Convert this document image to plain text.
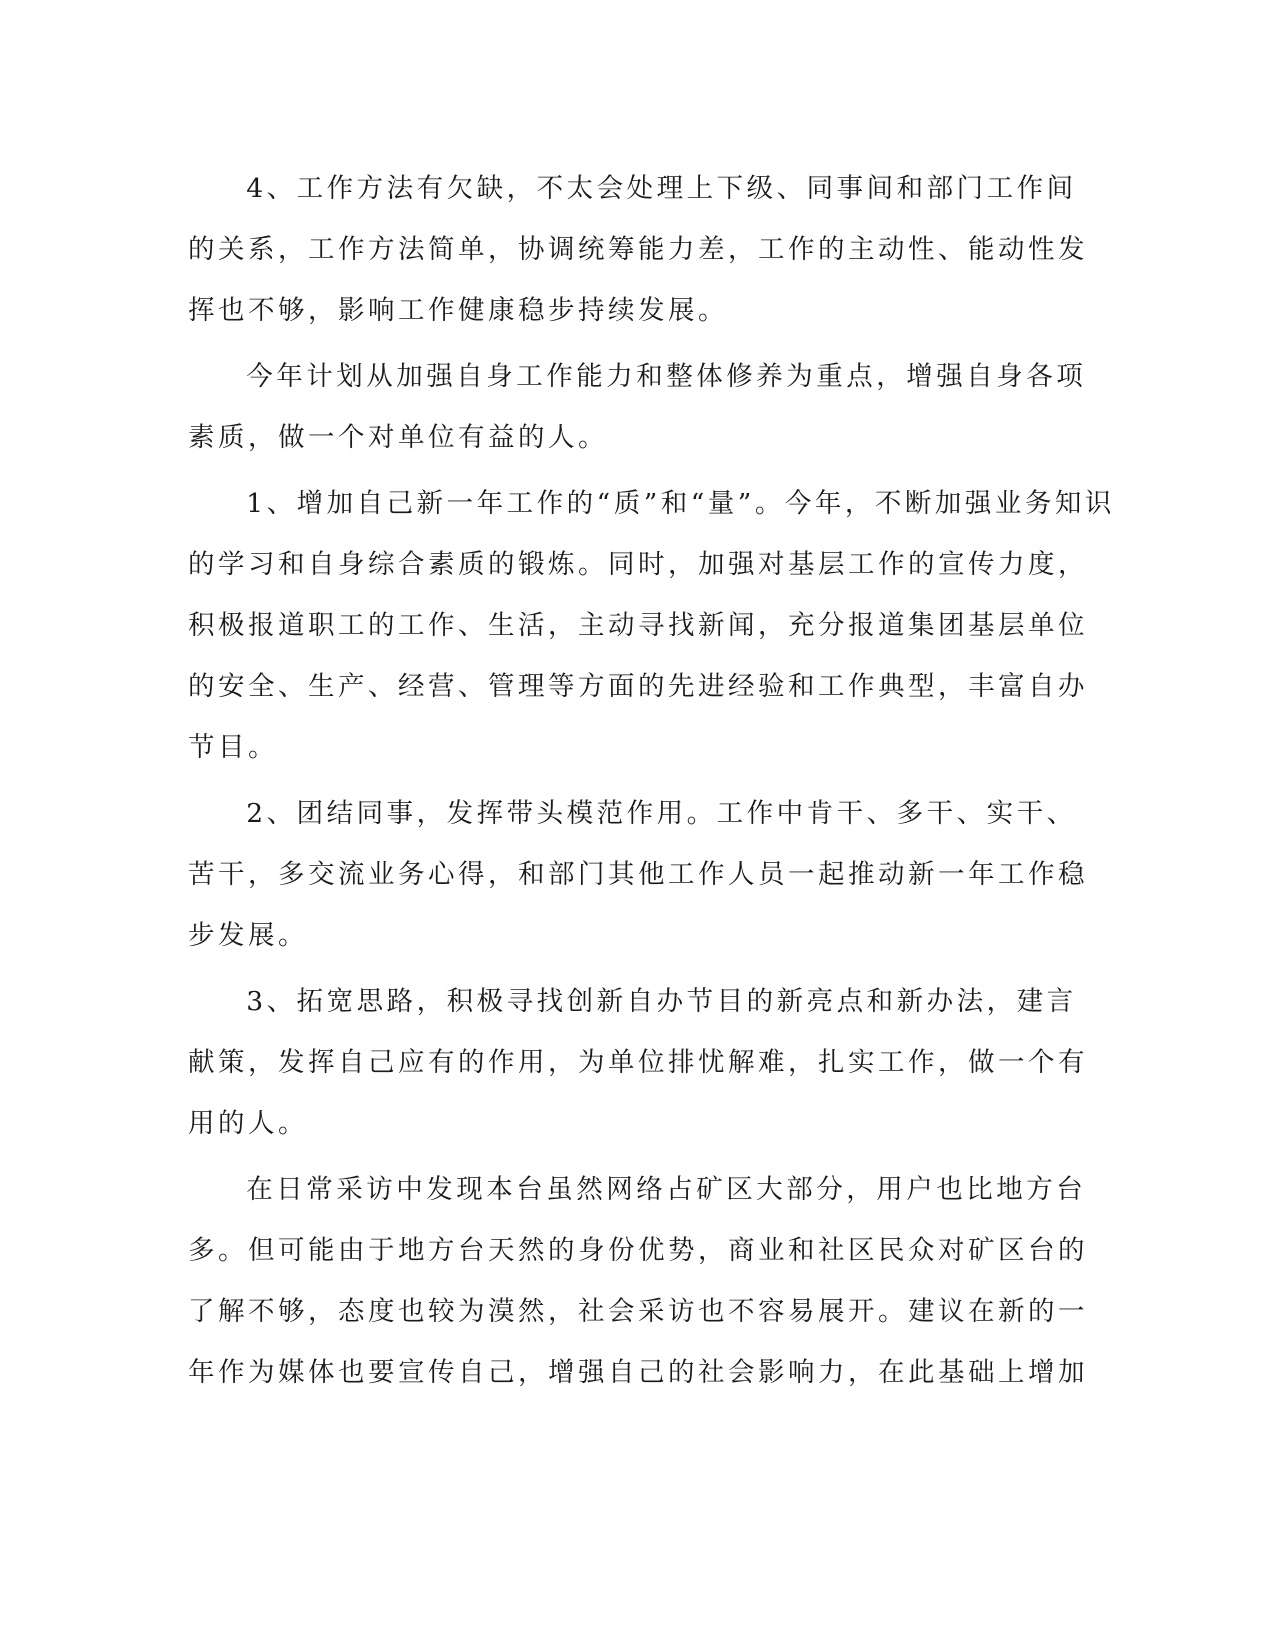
4、工作方法有欠缺，不太会处理上下级、同事间和部门工作间
的关系，工作方法简单，协调统筹能力差，工作的主动性、能动性发
挥也不够，影响工作健康稳步持续发展。

今年计划从加强自身工作能力和整体修养为重点，增强自身各项
素质，做一个对单位有益的人。

1、增加自己新一年工作的“质”和“量”。今年，不断加强业务知识
的学习和自身综合素质的锻炼。同时，加强对基层工作的宣传力度，
积极报道职工的工作、生活，主动寻找新闻，充分报道集团基层单位
的安全、生产、经营、管理等方面的先进经验和工作典型，丰富自办
节目。

2、团结同事，发挥带头模范作用。工作中肯干、多干、实干、
苦干，多交流业务心得，和部门其他工作人员一起推动新一年工作稳
步发展。

3、拓宽思路，积极寻找创新自办节目的新亮点和新办法，建言
献策，发挥自己应有的作用，为单位排忧解难，扎实工作，做一个有
用的人。

在日常采访中发现本台虽然网络占矿区大部分，用户也比地方台
多。但可能由于地方台天然的身份优势，商业和社区民众对矿区台的
了解不够，态度也较为漠然，社会采访也不容易展开。建议在新的一
年作为媒体也要宣传自己，增强自己的社会影响力，在此基础上增加
